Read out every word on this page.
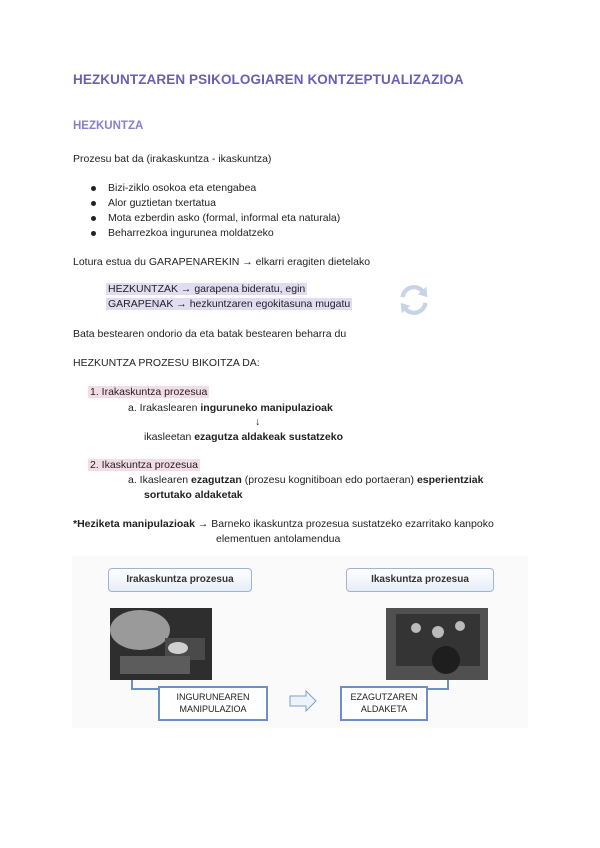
HEZKUNTZAREN PSIKOLOGIAREN KONTZEPTUALIZAZIOA
HEZKUNTZA
Prozesu bat da (irakaskuntza - ikaskuntza)
Bizi-ziklo osokoa eta etengabea
Alor guztietan txertatua
Mota ezberdin asko (formal, informal eta naturala)
Beharrezkoa ingurunea moldatzeko
Lotura estua du GARAPENAREKIN → elkarri eragiten dietelako
HEZKUNTZAK → garapena bideratu, egin
GARAPENAK → hezkuntzaren egokitasuna mugatu
Bata bestearen ondorio da eta batak bestearen beharra du
HEZKUNTZA PROZESU BIKOITZA DA:
1. Irakaskuntza prozesua
a. Irakaslearen inguruneko manipulazioak
↓
ikasleetan ezagutza aldakeak sustatzeko
2. Ikaskuntza prozesua
a. Ikaslearen ezagutzan (prozesu kognitiboan edo portaeran) esperientziak
sortutako aldaketak
*Heziketa manipulazioak → Barneko ikaskuntza prozesua sustatzeko ezarritako kanpoko
elementuen antolamendua
Irakaskuntza prozesua	Ikaskuntza prozesua
INGURUNEAREN
MANIPULAZIOA
EZAGUTZAREN
ALDAKETA
